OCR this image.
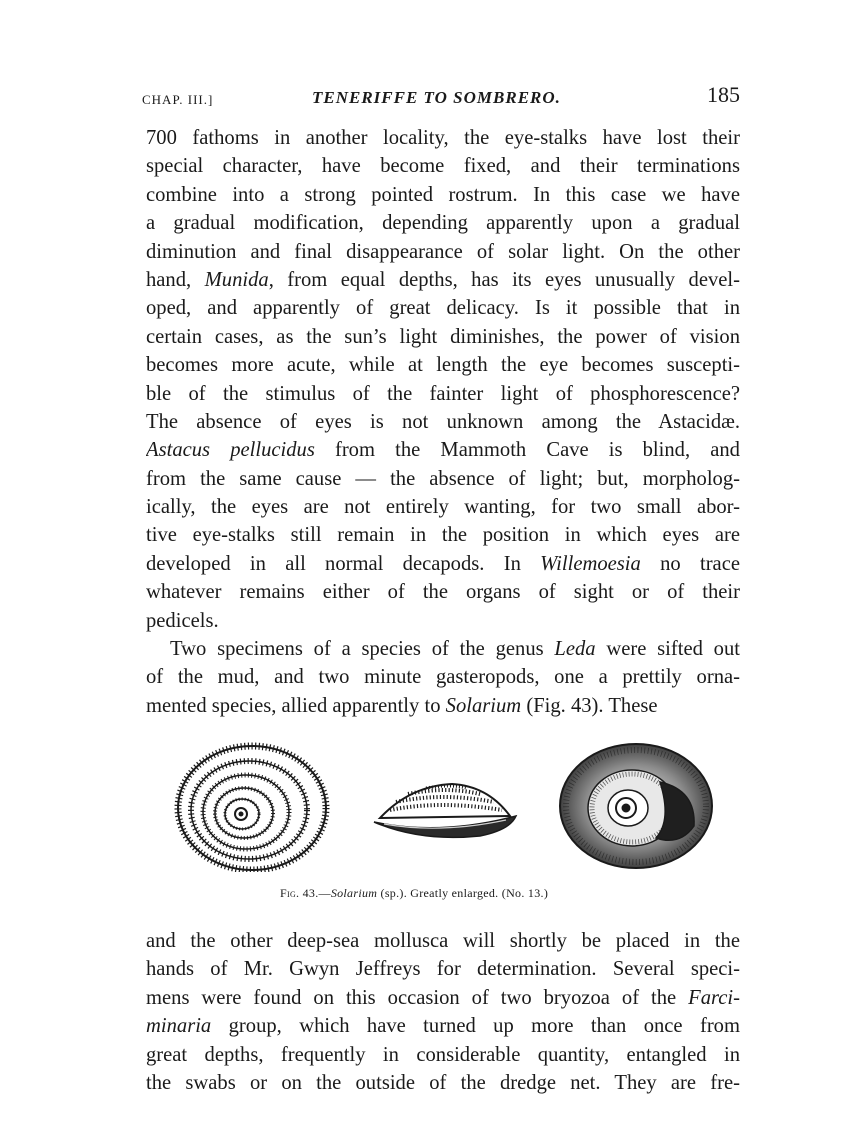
CHAP. III.]	TENERIFFE TO SOMBRERO.	185
700 fathoms in another locality, the eye-stalks have lost their
special character, have become fixed, and their terminations
combine into a strong pointed rostrum. In this case we have
a gradual modification, depending apparently upon a gradual
diminution and final disappearance of solar light. On the other
hand, Munida, from equal depths, has its eyes unusually devel-
oped, and apparently of great delicacy. Is it possible that in
certain cases, as the sun’s light diminishes, the power of vision
becomes more acute, while at length the eye becomes suscepti-
ble of the stimulus of the fainter light of phosphorescence?
The absence of eyes is not unknown among the Astacidæ.
Astacus pellucidus from the Mammoth Cave is blind, and
from the same cause — the absence of light; but, morpholog-
ically, the eyes are not entirely wanting, for two small abor-
tive eye-stalks still remain in the position in which eyes are
developed in all normal decapods. In Willemoesia no trace
whatever remains either of the organs of sight or of their
pedicels.
Two specimens of a species of the genus Leda were sifted out
of the mud, and two minute gasteropods, one a prettily orna-
mented species, allied apparently to Solarium (Fig. 43). These
Fig. 43.—Solarium (sp.). Greatly enlarged. (No. 13.)
and the other deep-sea mollusca will shortly be placed in the
hands of Mr. Gwyn Jeffreys for determination. Several speci-
mens were found on this occasion of two bryozoa of the Farci-
minaria group, which have turned up more than once from
great depths, frequently in considerable quantity, entangled in
the swabs or on the outside of the dredge net. They are fre-
